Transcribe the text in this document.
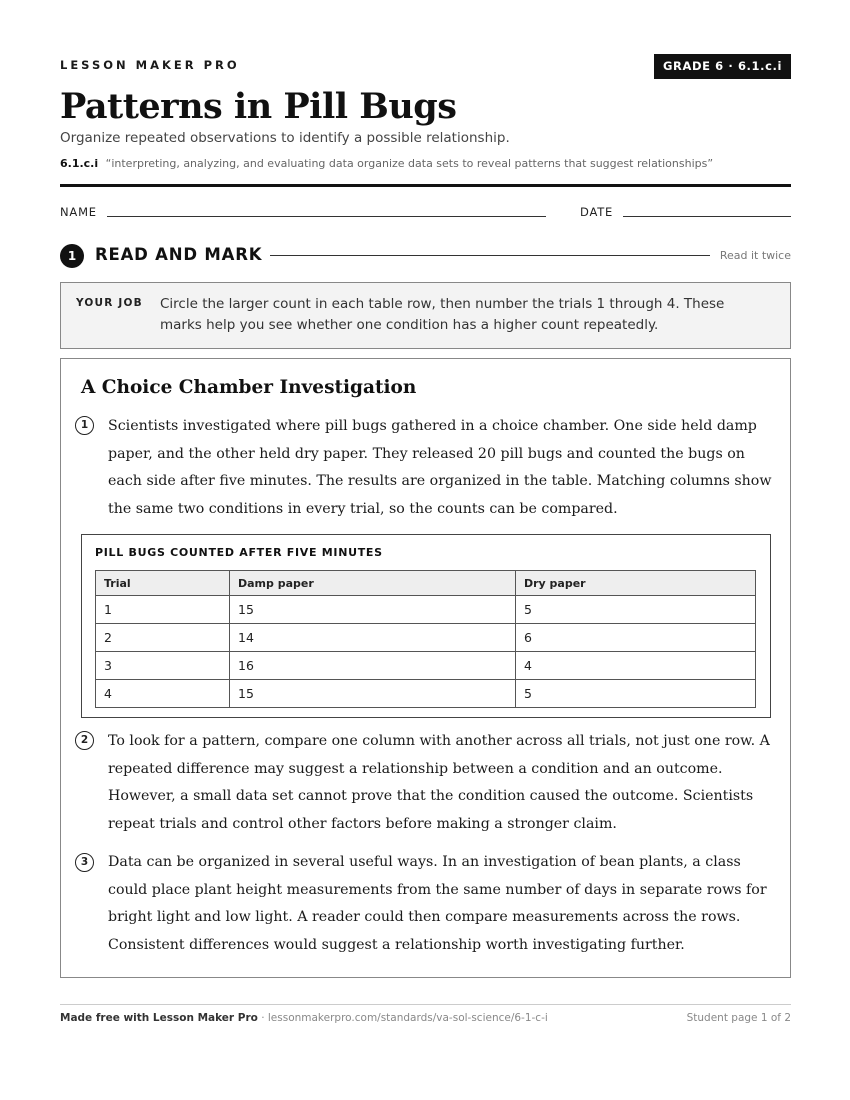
LESSON MAKER PRO	GRADE 6 · 6.1.c.i
Patterns in Pill Bugs
Organize repeated observations to identify a possible relationship.
6.1.c.i “interpreting, analyzing, and evaluating data organize data sets to reveal patterns that suggest relationships”
NAME	DATE
1	READ AND MARK	Read it twice
YOUR JOB Circle the larger count in each table row, then number the trials 1 through 4. These marks help you see whether one condition has a higher count repeatedly.
A Choice Chamber Investigation
1	Scientists investigated where pill bugs gathered in a choice chamber. One side held damp paper, and the other held dry paper. They released 20 pill bugs and counted the bugs on each side after five minutes. The results are organized in the table. Matching columns show the same two conditions in every trial, so the counts can be compared.

PILL BUGS COUNTED AFTER FIVE MINUTES
Trial	Damp paper	Dry paper
1	15	5
2	14	6
3	16	4
4	15	5
2	To look for a pattern, compare one column with another across all trials, not just one row. A repeated difference may suggest a relationship between a condition and an outcome. However, a small data set cannot prove that the condition caused the outcome. Scientists repeat trials and control other factors before making a stronger claim.

3	Data can be organized in several useful ways. In an investigation of bean plants, a class could place plant height measurements from the same number of days in separate rows for bright light and low light. A reader could then compare measurements across the rows. Consistent differences would suggest a relationship worth investigating further.

Made free with Lesson Maker Pro · lessonmakerpro.com/standards/va-sol-science/6-1-c-i	Student page 1 of 2
